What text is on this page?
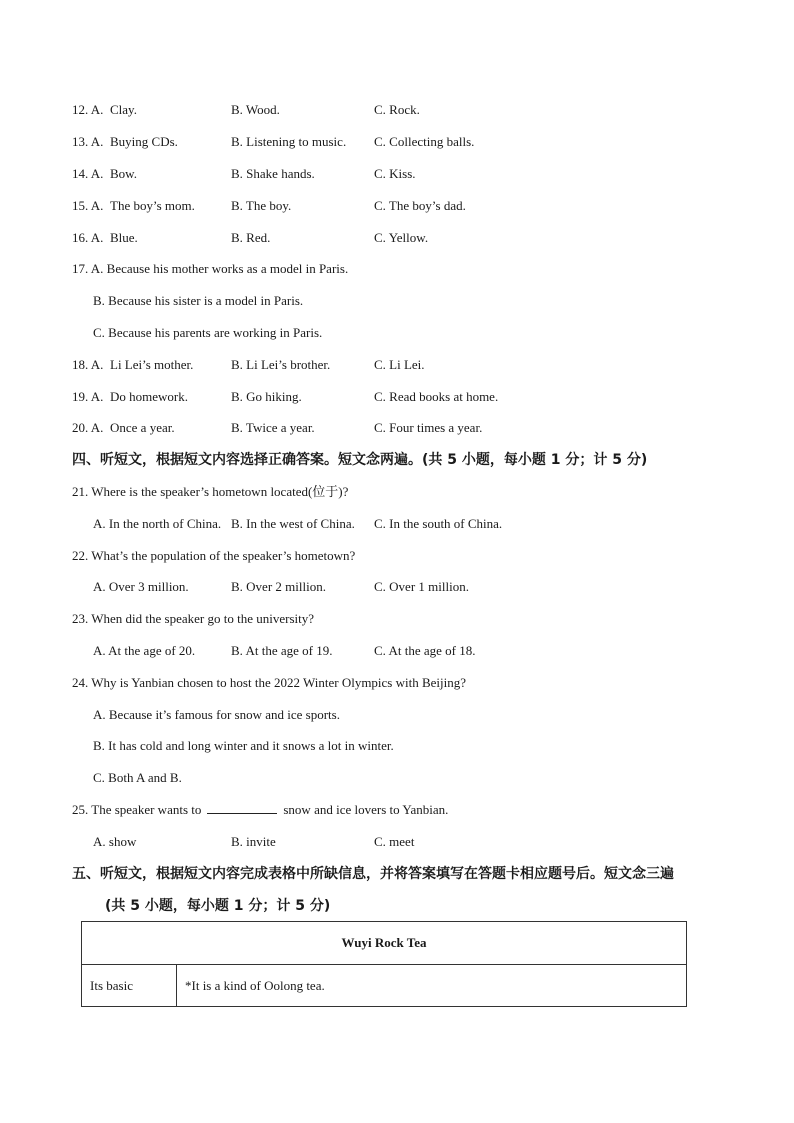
12. A. Clay.	B. Wood.	C. Rock.
13. A. Buying CDs.	B. Listening to music. C. Collecting balls.
14. A. Bow.	B. Shake hands.	C. Kiss.
15. A. The boy’s mom.	B. The boy.	C. The boy’s dad.
16. A. Blue.	B. Red.	C. Yellow.
17. A. Because his mother works as a model in Paris.
B. Because his sister is a model in Paris.
C. Because his parents are working in Paris.
18. A. Li Lei’s mother.	B. Li Lei’s brother.	C. Li Lei.
19. A. Do homework.	B. Go hiking.	C. Read books at home.
20. A. Once a year.	B. Twice a year.	C. Four times a year.
四、听短文，根据短文内容选择正确答案。短文念两遍。(共 5 小题，每小题 1 分；计 5 分)
21. Where is the speaker’s hometown located(位于)?
A. In the north of China. B. In the west of China. C. In the south of China.
22. What’s the population of the speaker’s hometown?
A. Over 3 million.	B. Over 2 million.	C. Over 1 million.
23. When did the speaker go to the university?
A. At the age of 20.	B. At the age of 19.	C. At the age of 18.
24. Why is Yanbian chosen to host the 2022 Winter Olympics with Beijing?
A. Because it’s famous for snow and ice sports.
B. It has cold and long winter and it snows a lot in winter.
C. Both A and B.
25. The speaker wants to	snow and ice lovers to Yanbian.
A. show	B. invite	C. meet
五、听短文，根据短文内容完成表格中所缺信息，并将答案填写在答题卡相应题号后。短文念三遍
(共 5 小题，每小题 1 分；计 5 分)
Wuyi Rock Tea
Its basic	*It is a kind of Oolong tea.
